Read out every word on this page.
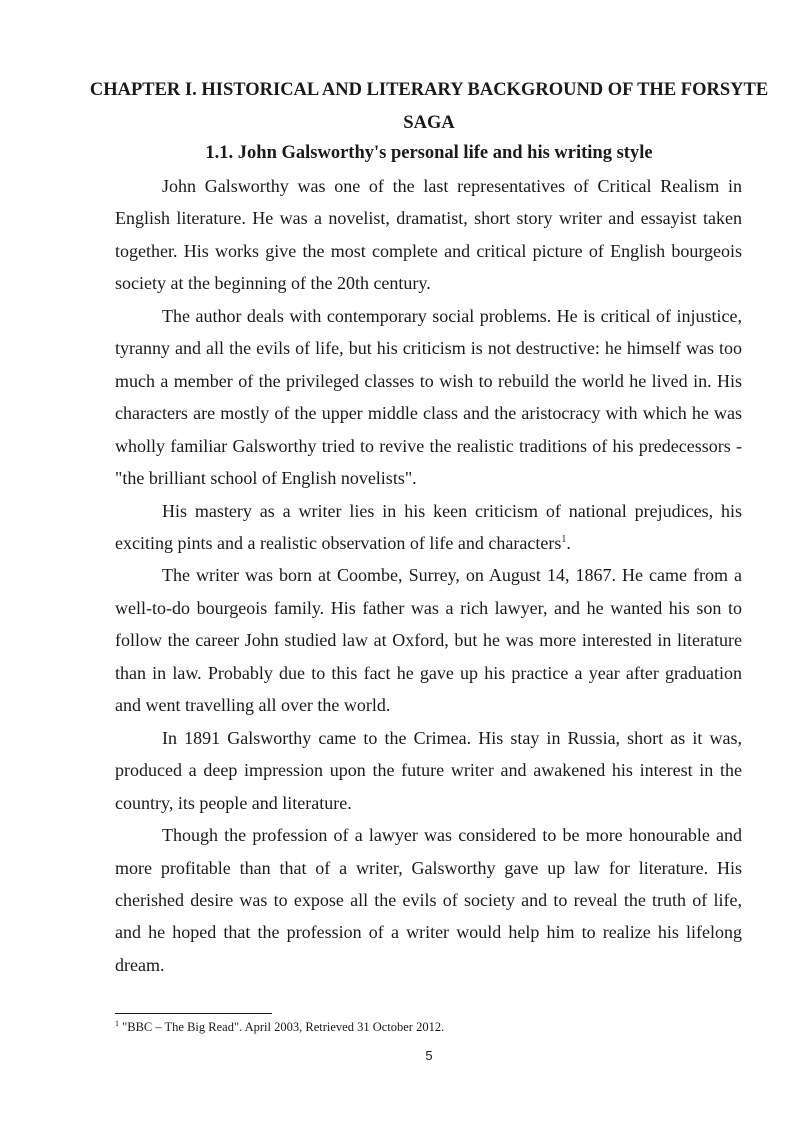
CHAPTER I. HISTORICAL AND LITERARY BACKGROUND OF THE FORSYTE SAGA
1.1. John Galsworthy's personal life and his writing style

John Galsworthy was one of the last representatives of Critical Realism in English literature. He was a novelist, dramatist, short story writer and essayist taken together. His works give the most complete and critical picture of English bourgeois society at the beginning of the 20th century.

The author deals with contemporary social problems. He is critical of injustice, tyranny and all the evils of life, but his criticism is not destructive: he himself was too much a member of the privileged classes to wish to rebuild the world he lived in. His characters are mostly of the upper middle class and the aristocracy with which he was wholly familiar Galsworthy tried to revive the realistic traditions of his predecessors -"the brilliant school of English novelists".

His mastery as a writer lies in his keen criticism of national prejudices, his exciting pints and a realistic observation of life and characters$^1$.

The writer was born at Coombe, Surrey, on August 14, 1867. He came from a well-to-do bourgeois family. His father was a rich lawyer, and he wanted his son to follow the career John studied law at Oxford, but he was more interested in literature than in law. Probably due to this fact he gave up his practice a year after graduation and went travelling all over the world.

In 1891 Galsworthy came to the Crimea. His stay in Russia, short as it was, produced a deep impression upon the future writer and awakened his interest in the country, its people and literature.

Though the profession of a lawyer was considered to be more honourable and more profitable than that of a writer, Galsworthy gave up law for literature. His cherished desire was to expose all the evils of society and to reveal the truth of life, and he hoped that the profession of a writer would help him to realize his lifelong dream.

$^1$ "BBC – The Big Read". April 2003, Retrieved 31 October 2012.
5
